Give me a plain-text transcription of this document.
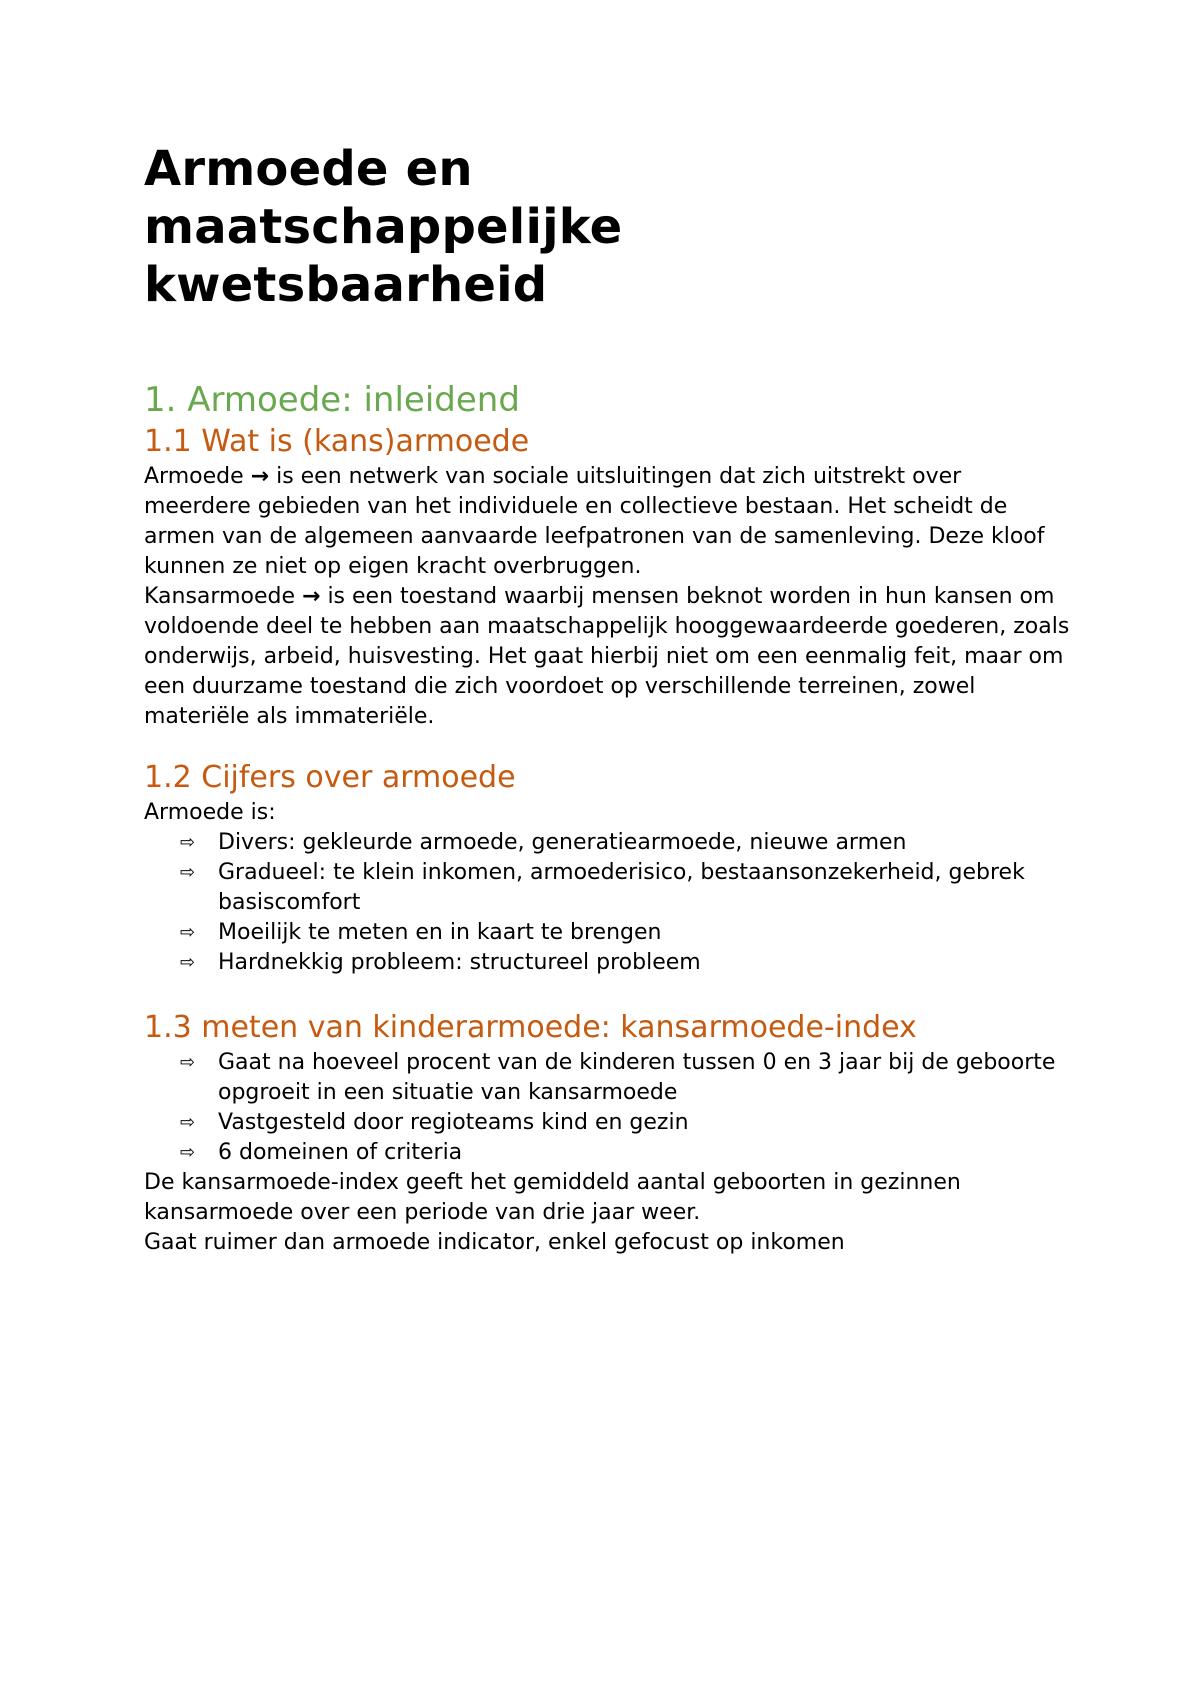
Armoede en
maatschappelijke
kwetsbaarheid
1. Armoede: inleidend
1.1 Wat is (kans)armoede

Armoede → is een netwerk van sociale uitsluitingen dat zich uitstrekt over meerdere gebieden van het individuele en collectieve bestaan. Het scheidt de armen van de algemeen aanvaarde leefpatronen van de samenleving. Deze kloof kunnen ze niet op eigen kracht overbruggen.

Kansarmoede → is een toestand waarbij mensen beknot worden in hun kansen om voldoende deel te hebben aan maatschappelijk hooggewaardeerde goederen, zoals onderwijs, arbeid, huisvesting. Het gaat hierbij niet om een eenmalig feit, maar om een duurzame toestand die zich voordoet op verschillende terreinen, zowel materiële als immateriële.

1.2 Cijfers over armoede

Armoede is:

⇨ Divers: gekleurde armoede, generatiearmoede, nieuwe armen
⇨ Gradueel: te klein inkomen, armoederisico, bestaansonzekerheid, gebrek basiscomfort
⇨ Moeilijk te meten en in kaart te brengen
⇨ Hardnekkig probleem: structureel probleem
1.3 meten van kinderarmoede: kansarmoede-index
⇨ Gaat na hoeveel procent van de kinderen tussen 0 en 3 jaar bij de geboorte opgroeit in een situatie van kansarmoede
⇨ Vastgesteld door regioteams kind en gezin
⇨ 6 domeinen of criteria

De kansarmoede-index geeft het gemiddeld aantal geboorten in gezinnen kansarmoede over een periode van drie jaar weer.

Gaat ruimer dan armoede indicator, enkel gefocust op inkomen
